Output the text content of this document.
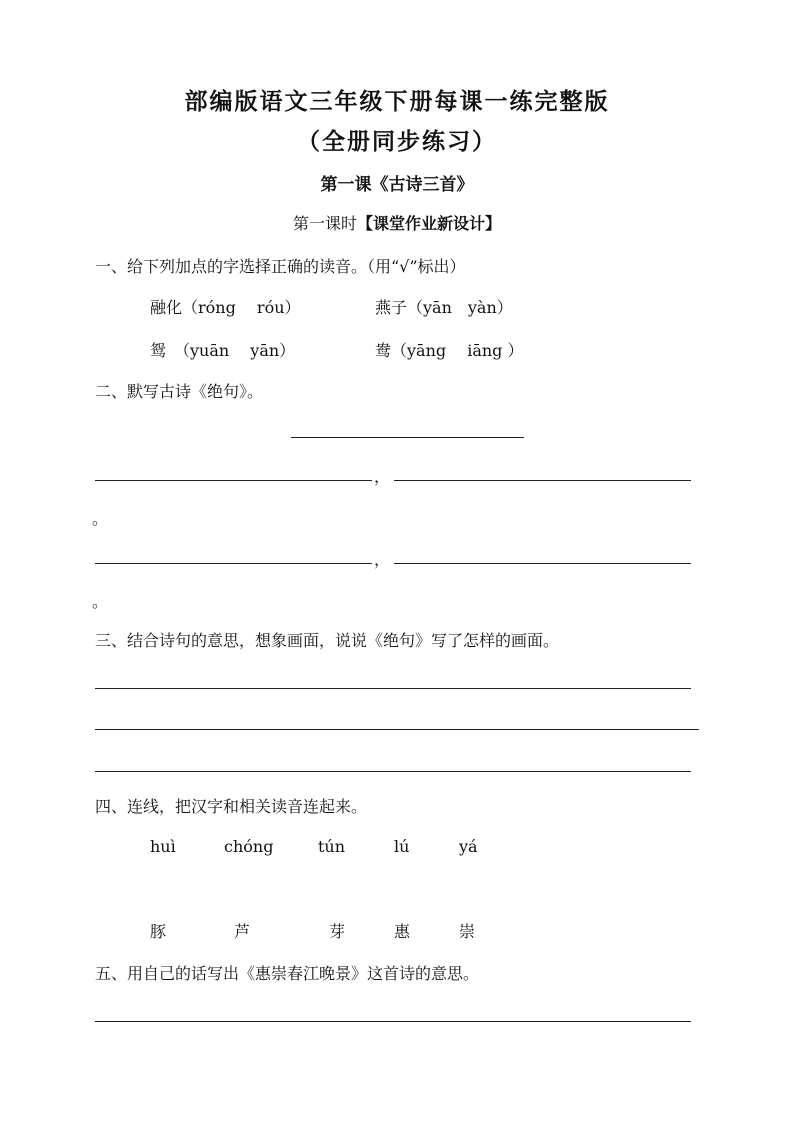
部编版语文三年级下册每课一练完整版
（全册同步练习）
第一课《古诗三首》
第一课时【课堂作业新设计】
一、给下列加点的字选择正确的读音。（用“√”标出）
融化（róng　 róu）	燕子（yān　yàn）
鸳　（yuān　 yān）	鸯（yāng　 iāng ）
二、默写古诗《绝句》。
，
。
，
。
三、结合诗句的意思，想象画面，说说《绝句》写了怎样的画面。
四、连线，把汉字和相关读音连起来。
huì	chóng	tún	lú	yá
豚	芦	芽	惠	崇
五、用自己的话写出《惠崇春江晚景》这首诗的意思。
